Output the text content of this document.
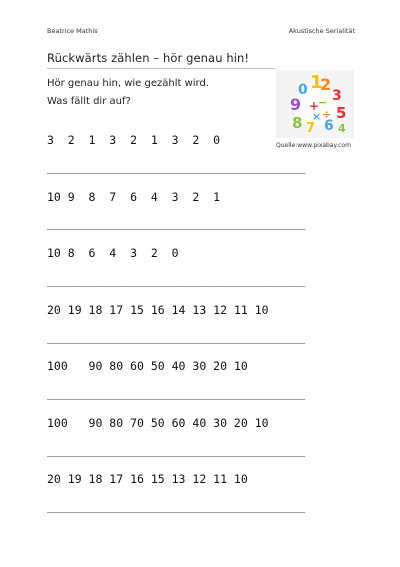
Beatrice Mathis	Akustische Serialität
Rückwärts zählen – hör genau hin!
Hör genau hin, wie gezählt wird.
Was fällt dir auf?
1
2
0 3
9 5
8 6
7
+
−
× ÷
4
Quelle:www.pixabay.com
3  2  1  3  2  1  3  2  0
_______________________________________
10 9  8  7  6  4  3  2  1
_______________________________________
10 8  6  4  3  2  0
_______________________________________
20 19 18 17 15 16 14 13 12 11 10
_______________________________________
100   90 80 60 50 40 30 20 10
_______________________________________
100   90 80 70 50 60 40 30 20 10
_______________________________________
20 19 18 17 16 15 13 12 11 10
_______________________________________
